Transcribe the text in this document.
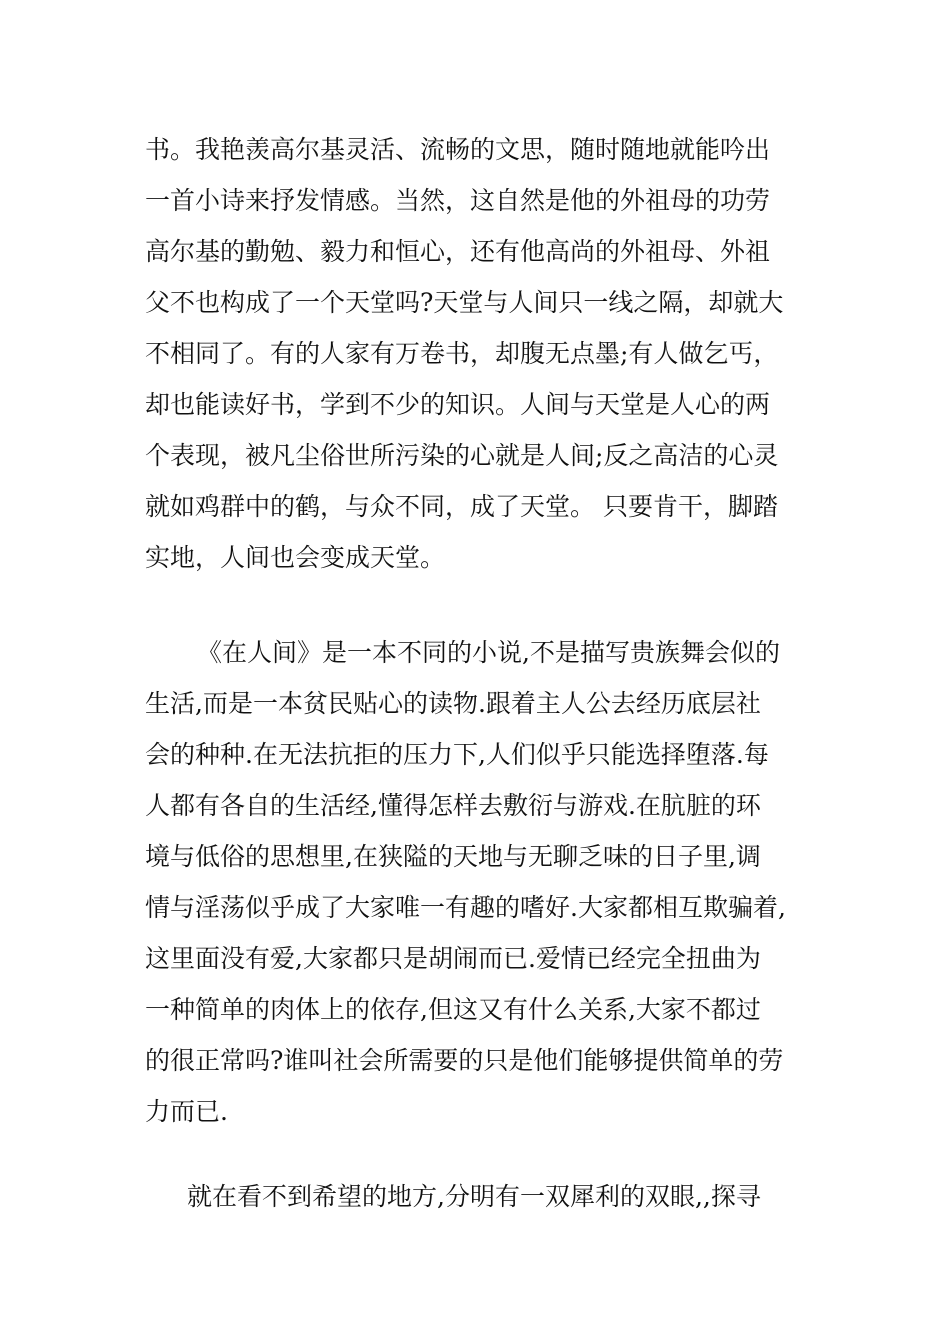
书。我艳羡高尔基灵活、流畅的文思，随时随地就能吟出
一首小诗来抒发情感。当然，这自然是他的外祖母的功劳
高尔基的勤勉、毅力和恒心，还有他高尚的外祖母、外祖
父不也构成了一个天堂吗?天堂与人间只一线之隔，却就大
不相同了。有的人家有万卷书，却腹无点墨;有人做乞丐，
却也能读好书，学到不少的知识。人间与天堂是人心的两
个表现，被凡尘俗世所污染的心就是人间;反之高洁的心灵
就如鸡群中的鹤，与众不同，成了天堂。 只要肯干，脚踏
实地，人间也会变成天堂。
《在人间》是一本不同的小说,不是描写贵族舞会似的
生活,而是一本贫民贴心的读物.跟着主人公去经历底层社
会的种种.在无法抗拒的压力下,人们似乎只能选择堕落.每
人都有各自的生活经,懂得怎样去敷衍与游戏.在肮脏的环
境与低俗的思想里,在狭隘的天地与无聊乏味的日子里,调
情与淫荡似乎成了大家唯一有趣的嗜好.大家都相互欺骗着,
这里面没有爱,大家都只是胡闹而已.爱情已经完全扭曲为
一种简单的肉体上的依存,但这又有什么关系,大家不都过
的很正常吗?谁叫社会所需要的只是他们能够提供简单的劳
力而已.
就在看不到希望的地方,分明有一双犀利的双眼,,探寻
